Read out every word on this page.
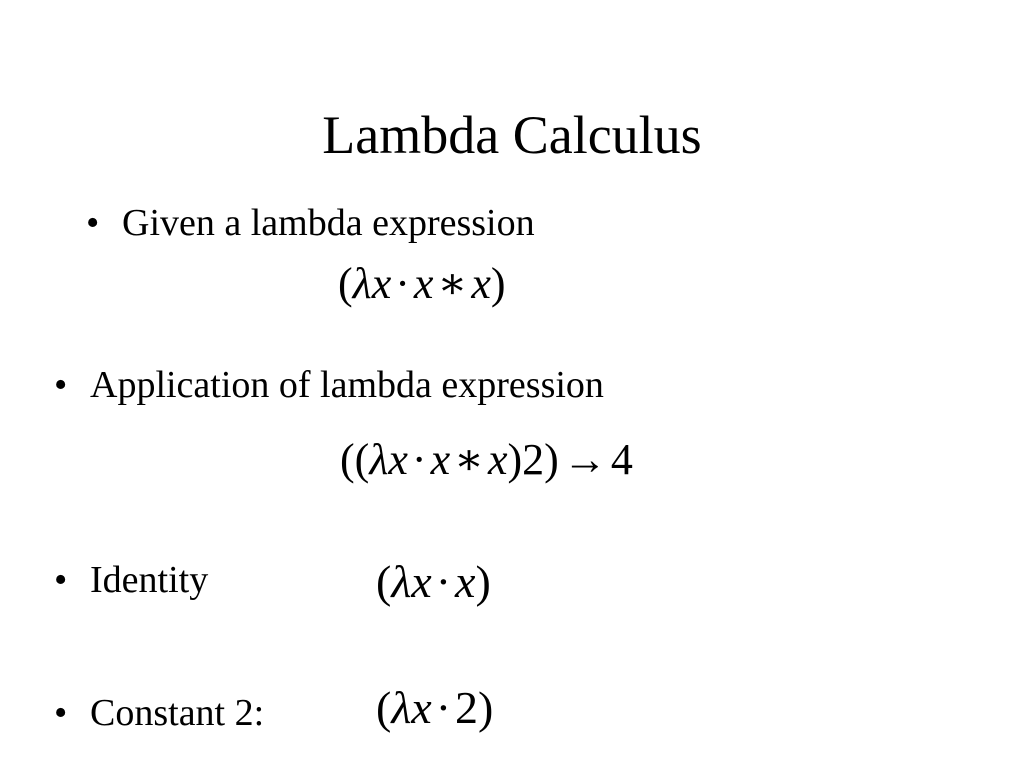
Lambda Calculus
• Given a lambda expression
(λx·x∗x)
• Application of lambda expression
((λx·x∗x)2)→4
• Identity	(λx·x)
• Constant 2: (λx·2)
